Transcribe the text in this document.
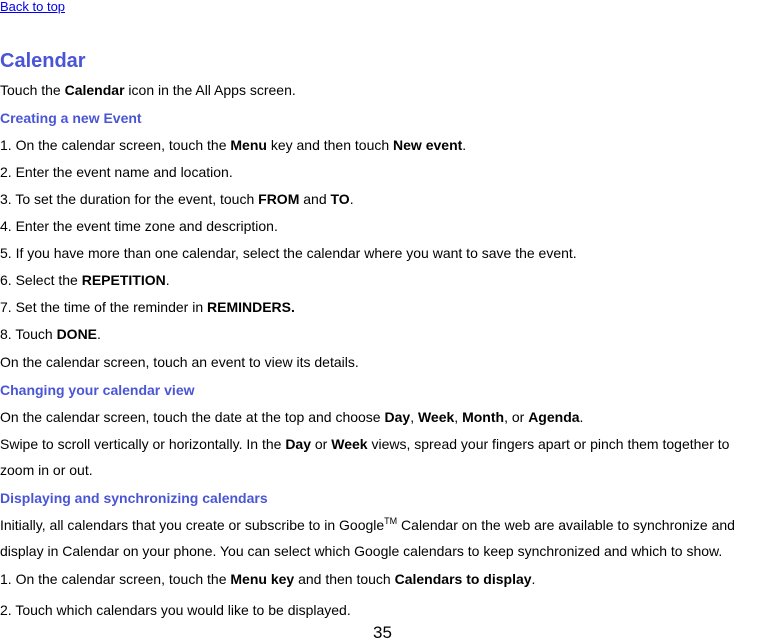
Back to top
Calendar
Touch the Calendar icon in the All Apps screen.
Creating a new Event
1. On the calendar screen, touch the Menu key and then touch New event.
2. Enter the event name and location.
3. To set the duration for the event, touch FROM and TO.
4. Enter the event time zone and description.
5. If you have more than one calendar, select the calendar where you want to save the event.
6. Select the REPETITION.
7. Set the time of the reminder in REMINDERS.
8. Touch DONE.
On the calendar screen, touch an event to view its details.
Changing your calendar view
On the calendar screen, touch the date at the top and choose Day, Week, Month, or Agenda.
Swipe to scroll vertically or horizontally. In the Day or Week views, spread your fingers apart or pinch them together to
zoom in or out.
Displaying and synchronizing calendars
Initially, all calendars that you create or subscribe to in Google™ Calendar on the web are available to synchronize and
display in Calendar on your phone. You can select which Google calendars to keep synchronized and which to show.
1. On the calendar screen, touch the Menu key and then touch Calendars to display.
2. Touch which calendars you would like to be displayed.
35
